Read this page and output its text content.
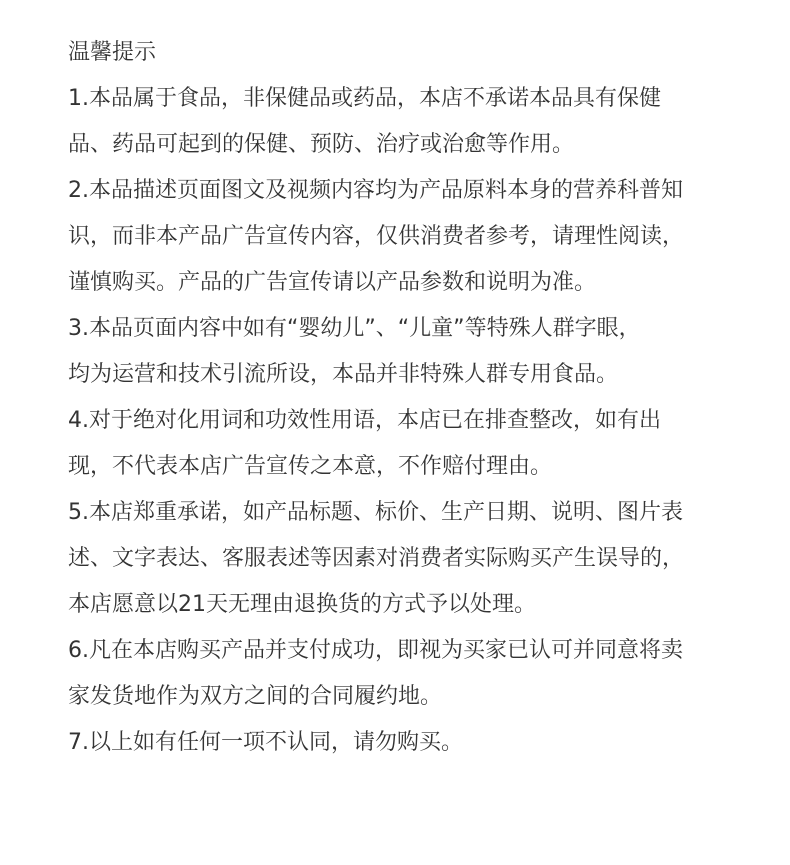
温馨提示
1.本品属于食品，非保健品或药品，本店不承诺本品具有保健
品、药品可起到的保健、预防、治疗或治愈等作用。
2.本品描述页面图文及视频内容均为产品原料本身的营养科普知
识，而非本产品广告宣传内容，仅供消费者参考，请理性阅读，
谨慎购买。产品的广告宣传请以产品参数和说明为准。
3.本品页面内容中如有“婴幼儿”、“儿童”等特殊人群字眼，
均为运营和技术引流所设，本品并非特殊人群专用食品。
4.对于绝对化用词和功效性用语，本店已在排查整改，如有出
现，不代表本店广告宣传之本意，不作赔付理由。
5.本店郑重承诺，如产品标题、标价、生产日期、说明、图片表
述、文字表达、客服表述等因素对消费者实际购买产生误导的，
本店愿意以21天无理由退换货的方式予以处理。
6.凡在本店购买产品并支付成功，即视为买家已认可并同意将卖
家发货地作为双方之间的合同履约地。
7.以上如有任何一项不认同，请勿购买。
